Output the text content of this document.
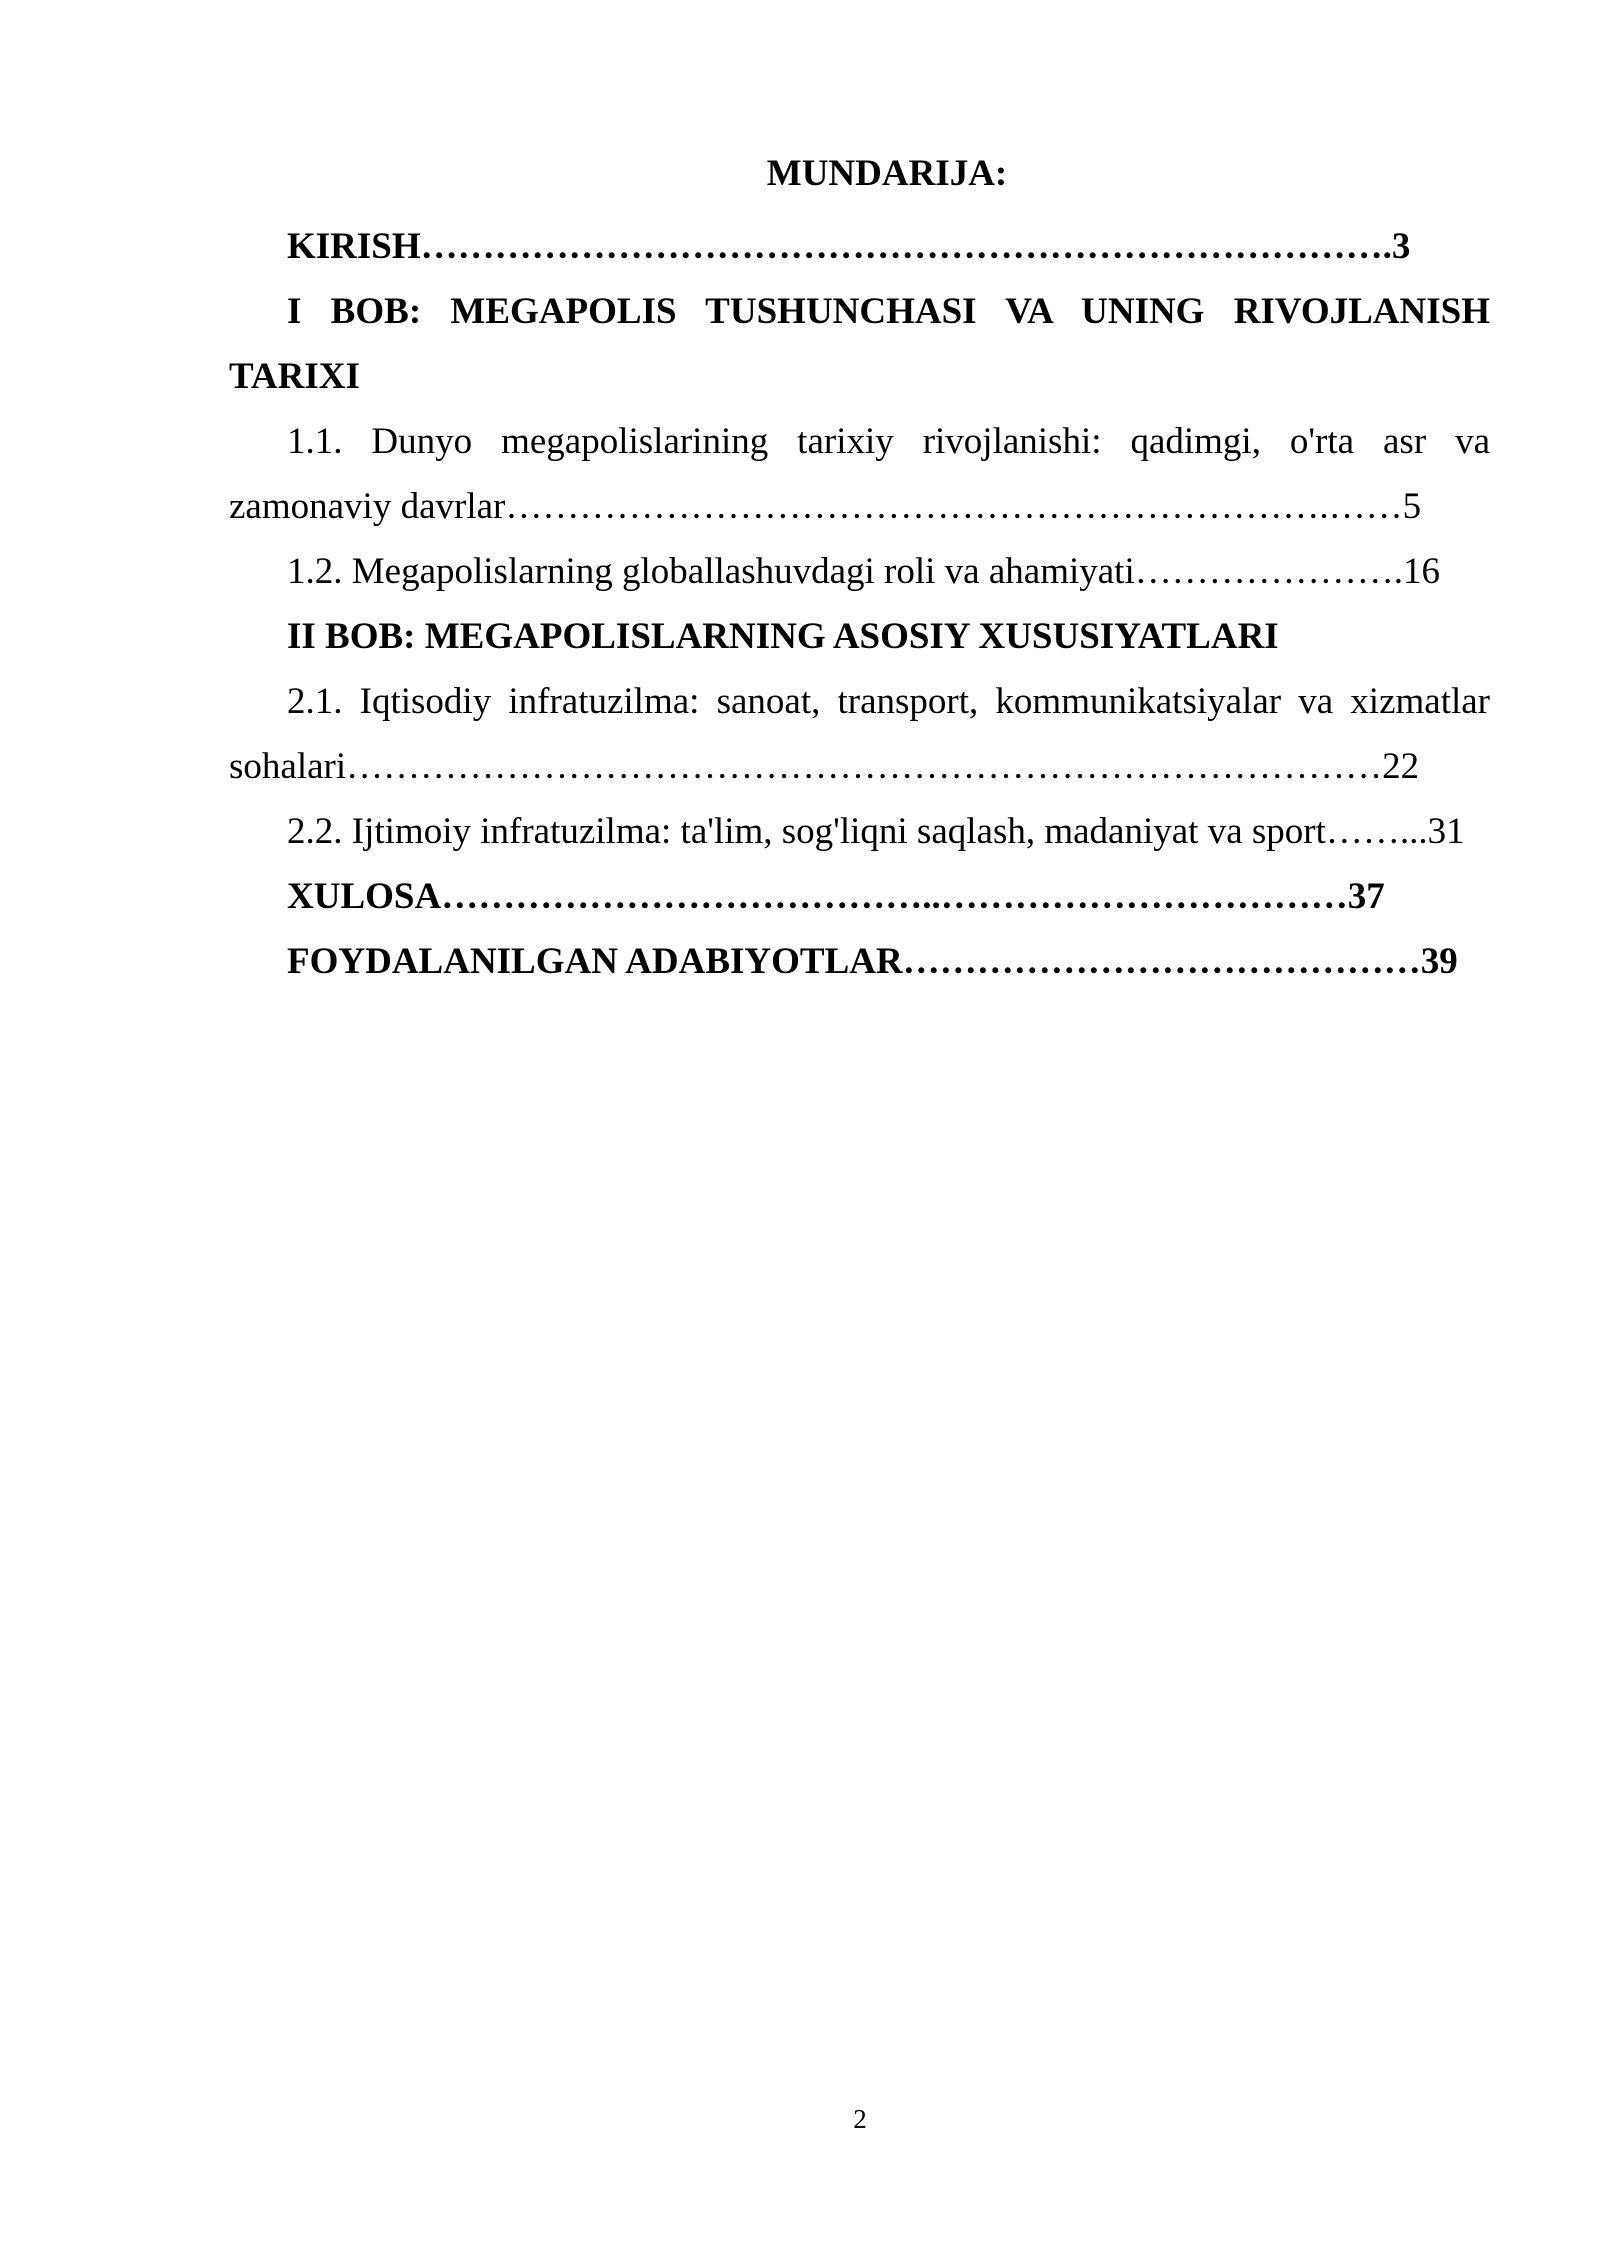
MUNDARIJA:

KIRISH…………………………………………………………………….3

I BOB: MEGAPOLIS TUSHUNCHASI VA UNING RIVOJLANISH

TARIXI

1.1. Dunyo megapolislarining tarixiy rivojlanishi: qadimgi, o'rta asr va

zamonaviy davrlar………………………………………………………….……5

1.2. Megapolislarning globallashuvdagi roli va ahamiyati………………….16

II BOB: MEGAPOLISLARNING ASOSIY XUSUSIYATLARI

2.1. Iqtisodiy infratuzilma: sanoat, transport, kommunikatsiyalar va xizmatlar

sohalari…………………………………………………………………………22

2.2. Ijtimoiy infratuzilma: ta'lim, sog'liqni saqlash, madaniyat va sport……...31

XULOSA…………………………………..……………………………37

FOYDALANILGAN ADABIYOTLAR……………………………………39

2
